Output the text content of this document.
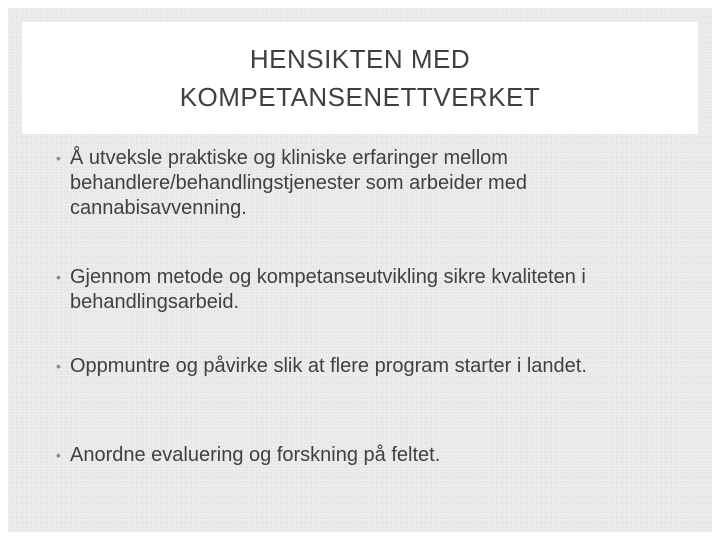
HENSIKTEN MED
KOMPETANSENETTVERKET
• Å utveksle praktiske og kliniske erfaringer mellom behandlere/behandlingstjenester som arbeider med cannabisavvenning.
• Gjennom metode og kompetanseutvikling sikre kvaliteten i behandlingsarbeid.
• Oppmuntre og påvirke slik at flere program starter i landet.
• Anordne evaluering og forskning på feltet.
